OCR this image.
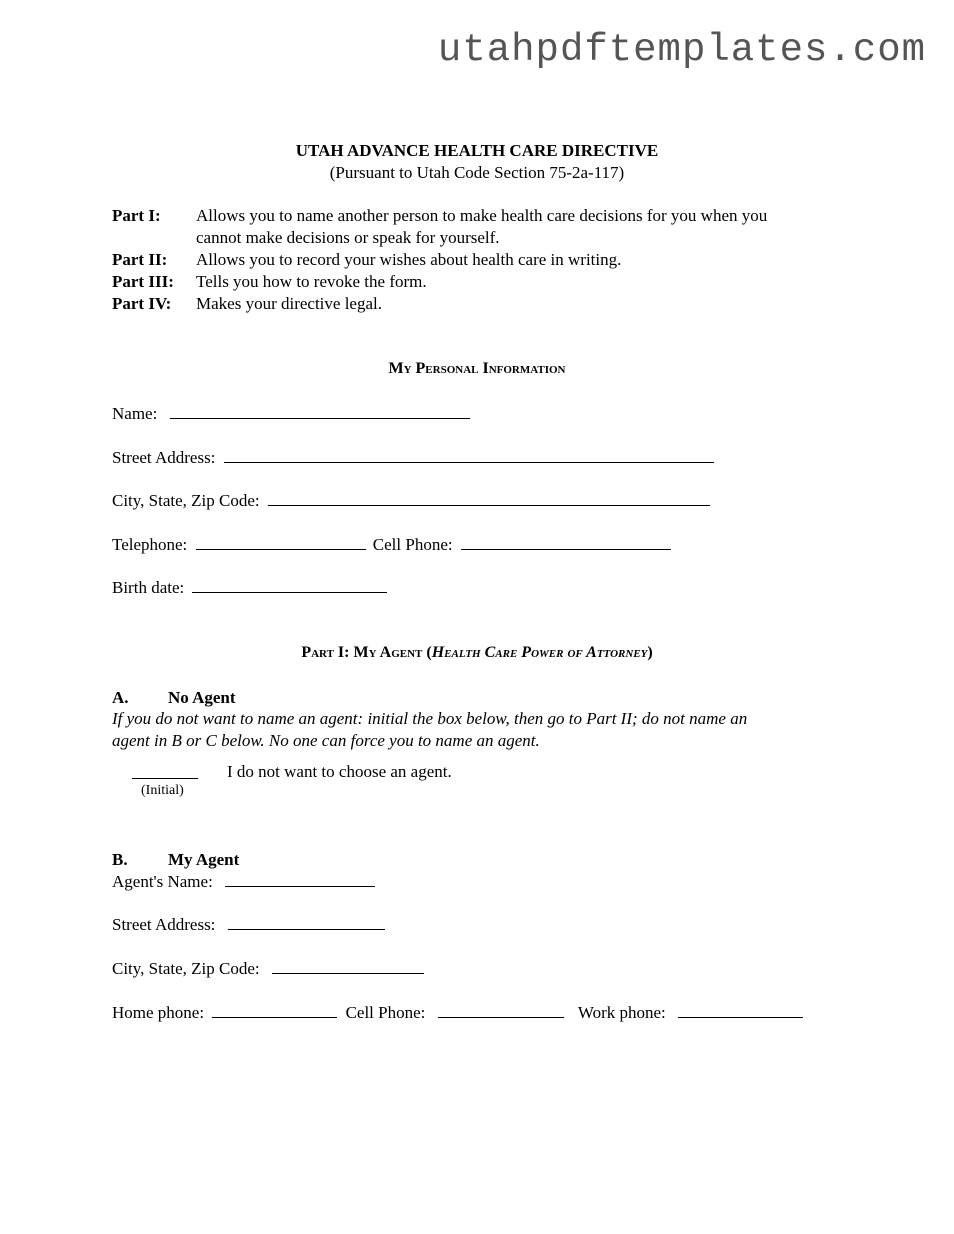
utahpdftemplates.com
UTAH ADVANCE HEALTH CARE DIRECTIVE
(Pursuant to Utah Code Section 75-2a-117)
Part I: Allows you to name another person to make health care decisions for you when you
cannot make decisions or speak for yourself.
Part II: Allows you to record your wishes about health care in writing.
Part III: Tells you how to revoke the form.
Part IV: Makes your directive legal.
My Personal Information
Name:
Street Address:
City, State, Zip Code:
Telephone:	Cell Phone:
Birth date:
Part I: My Agent (Health Care Power of Attorney)
A. No Agent
If you do not want to name an agent: initial the box below, then go to Part II; do not name an
agent in B or C below. No one can force you to name an agent.
I do not want to choose an agent.
(Initial)
B. My Agent
Agent's Name:
Street Address:
City, State, Zip Code:
Home phone:	Cell Phone:	Work phone:
